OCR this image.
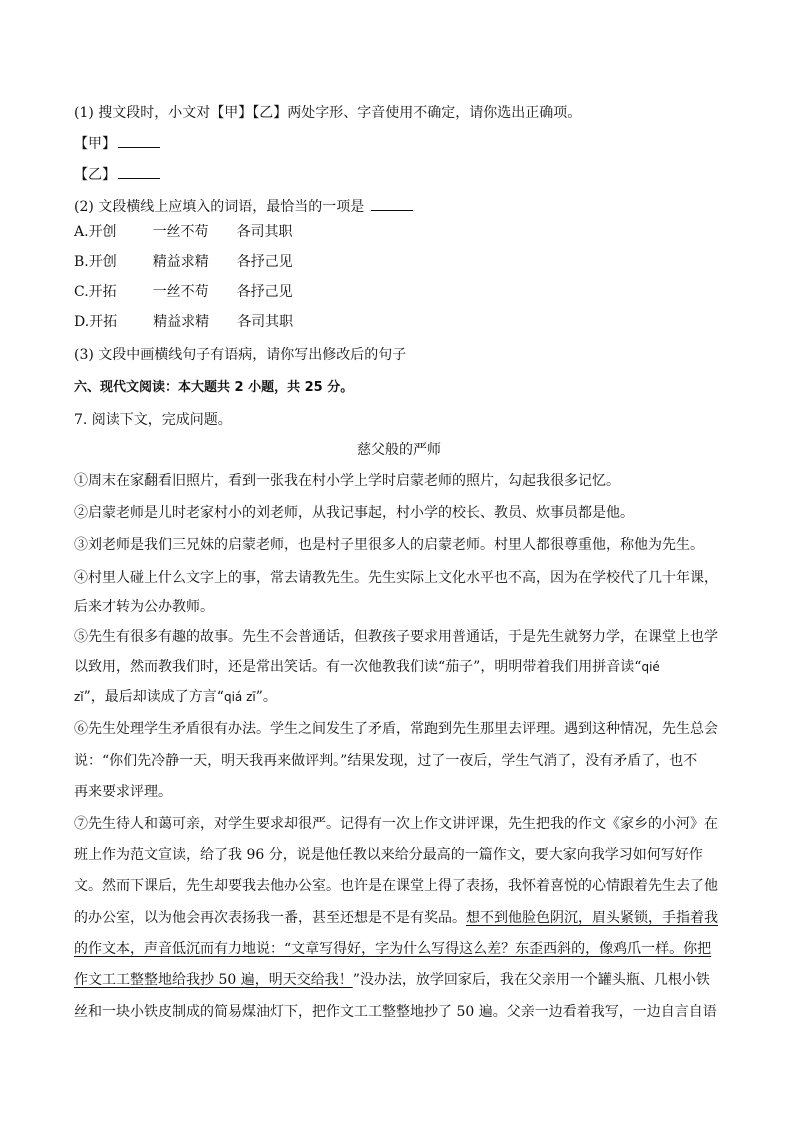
(1) 搜文段时，小文对【甲】【乙】两处字形、字音使用不确定，请你选出正确项。
【甲】
【乙】
(2) 文段横线上应填入的词语，最恰当的一项是
A.开创	一丝不苟 各司其职
B.开创	精益求精 各抒己见
C.开拓	一丝不苟 各抒己见
D.开拓	精益求精 各司其职
(3) 文段中画横线句子有语病，请你写出修改后的句子
六、现代文阅读：本大题共 2 小题，共 25 分。
7. 阅读下文，完成问题。
慈父般的严师
①周末在家翻看旧照片，看到一张我在村小学上学时启蒙老师的照片，勾起我很多记忆。
②启蒙老师是儿时老家村小的刘老师，从我记事起，村小学的校长、教员、炊事员都是他。
③刘老师是我们三兄妹的启蒙老师，也是村子里很多人的启蒙老师。村里人都很尊重他，称他为先生。
④村里人碰上什么文字上的事，常去请教先生。先生实际上文化水平也不高，因为在学校代了几十年课，
后来才转为公办教师。
⑤先生有很多有趣的故事。先生不会普通话，但教孩子要求用普通话，于是先生就努力学，在课堂上也学
以致用，然而教我们时，还是常出笑话。有一次他教我们读“茄子”，明明带着我们用拼音读“qié
zǐ”，最后却读成了方言“qiá zī”。
⑥先生处理学生矛盾很有办法。学生之间发生了矛盾，常跑到先生那里去评理。遇到这种情况，先生总会
说：“你们先冷静一天，明天我再来做评判。”结果发现，过了一夜后，学生气消了，没有矛盾了，也不
再来要求评理。
⑦先生待人和蔼可亲，对学生要求却很严。记得有一次上作文讲评课，先生把我的作文《家乡的小河》在
班上作为范文宣读，给了我 96 分，说是他任教以来给分最高的一篇作文，要大家向我学习如何写好作
文。然而下课后，先生却要我去他办公室。也许是在课堂上得了表扬，我怀着喜悦的心情跟着先生去了他
的办公室，以为他会再次表扬我一番，甚至还想是不是有奖品。想不到他脸色阴沉，眉头紧锁，手指着我
的作文本，声音低沉而有力地说：“文章写得好，字为什么写得这么差？东歪西斜的，像鸡爪一样。你把
作文工工整整地给我抄 50 遍，明天交给我！”没办法，放学回家后，我在父亲用一个罐头瓶、几根小铁
丝和一块小铁皮制成的简易煤油灯下，把作文工工整整地抄了 50 遍。父亲一边看着我写，一边自言自语
